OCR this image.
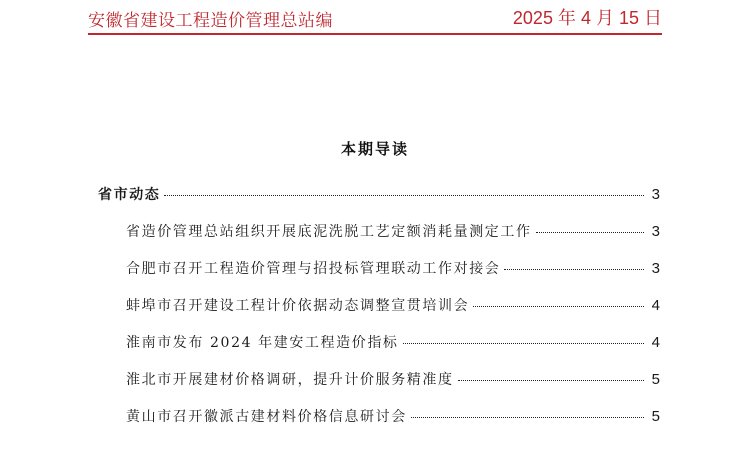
安徽省建设工程造价管理总站编	2025 年 4 月 15 日
本期导读
省市动态	3
省造价管理总站组织开展底泥洗脱工艺定额消耗量测定工作	3
合肥市召开工程造价管理与招投标管理联动工作对接会	3
蚌埠市召开建设工程计价依据动态调整宣贯培训会	4
淮南市发布 2024 年建安工程造价指标	4
淮北市开展建材价格调研，提升计价服务精准度	5
黄山市召开徽派古建材料价格信息研讨会	5
